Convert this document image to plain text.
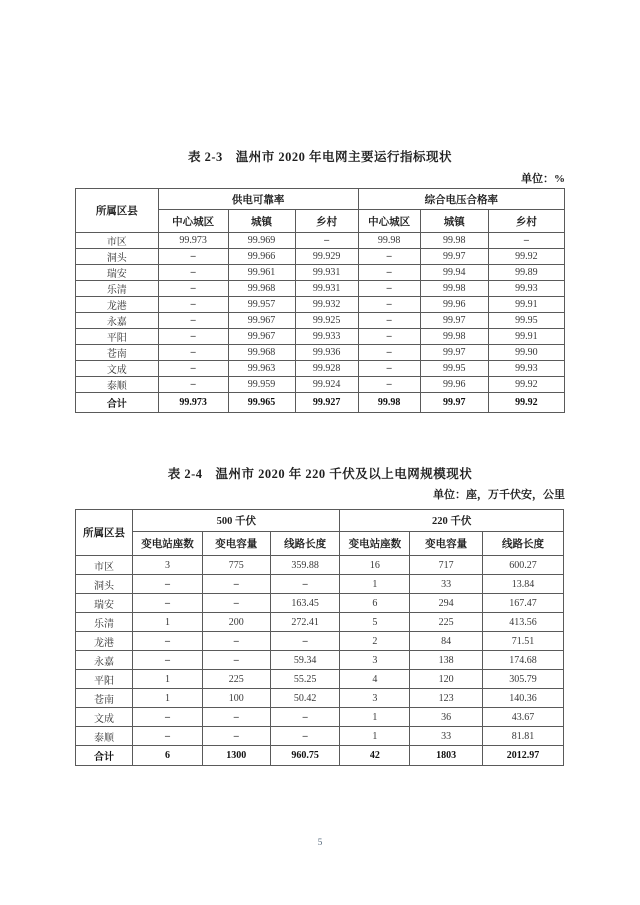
表 2-3　温州市 2020 年电网主要运行指标现状
单位：%
所属区县	供电可靠率			综合电压合格率		
	中心城区	城镇	乡村	中心城区	城镇	乡村
市区	99.973	99.969	–	99.98	99.98	–
洞头	–	99.966	99.929	–	99.97	99.92
瑞安	–	99.961	99.931	–	99.94	99.89
乐清	–	99.968	99.931	–	99.98	99.93
龙港	–	99.957	99.932	–	99.96	99.91
永嘉	–	99.967	99.925	–	99.97	99.95
平阳	–	99.967	99.933	–	99.98	99.91
苍南	–	99.968	99.936	–	99.97	99.90
文成	–	99.963	99.928	–	99.95	99.93
泰顺	–	99.959	99.924	–	99.96	99.92
合计	99.973	99.965	99.927	99.98	99.97	99.92
表 2-4　温州市 2020 年 220 千伏及以上电网规模现状
单位：座，万千伏安，公里
所属区县	500 千伏			220 千伏		
	变电站座数	变电容量	线路长度	变电站座数	变电容量	线路长度
市区	3	775	359.88	16	717	600.27
洞头	–	–	–	1	33	13.84
瑞安	–	–	163.45	6	294	167.47
乐清	1	200	272.41	5	225	413.56
龙港	–	–	–	2	84	71.51
永嘉	–	–	59.34	3	138	174.68
平阳	1	225	55.25	4	120	305.79
苍南	1	100	50.42	3	123	140.36
文成	–	–	–	1	36	43.67
泰顺	–	–	–	1	33	81.81
合计	6	1300	960.75	42	1803	2012.97
5
